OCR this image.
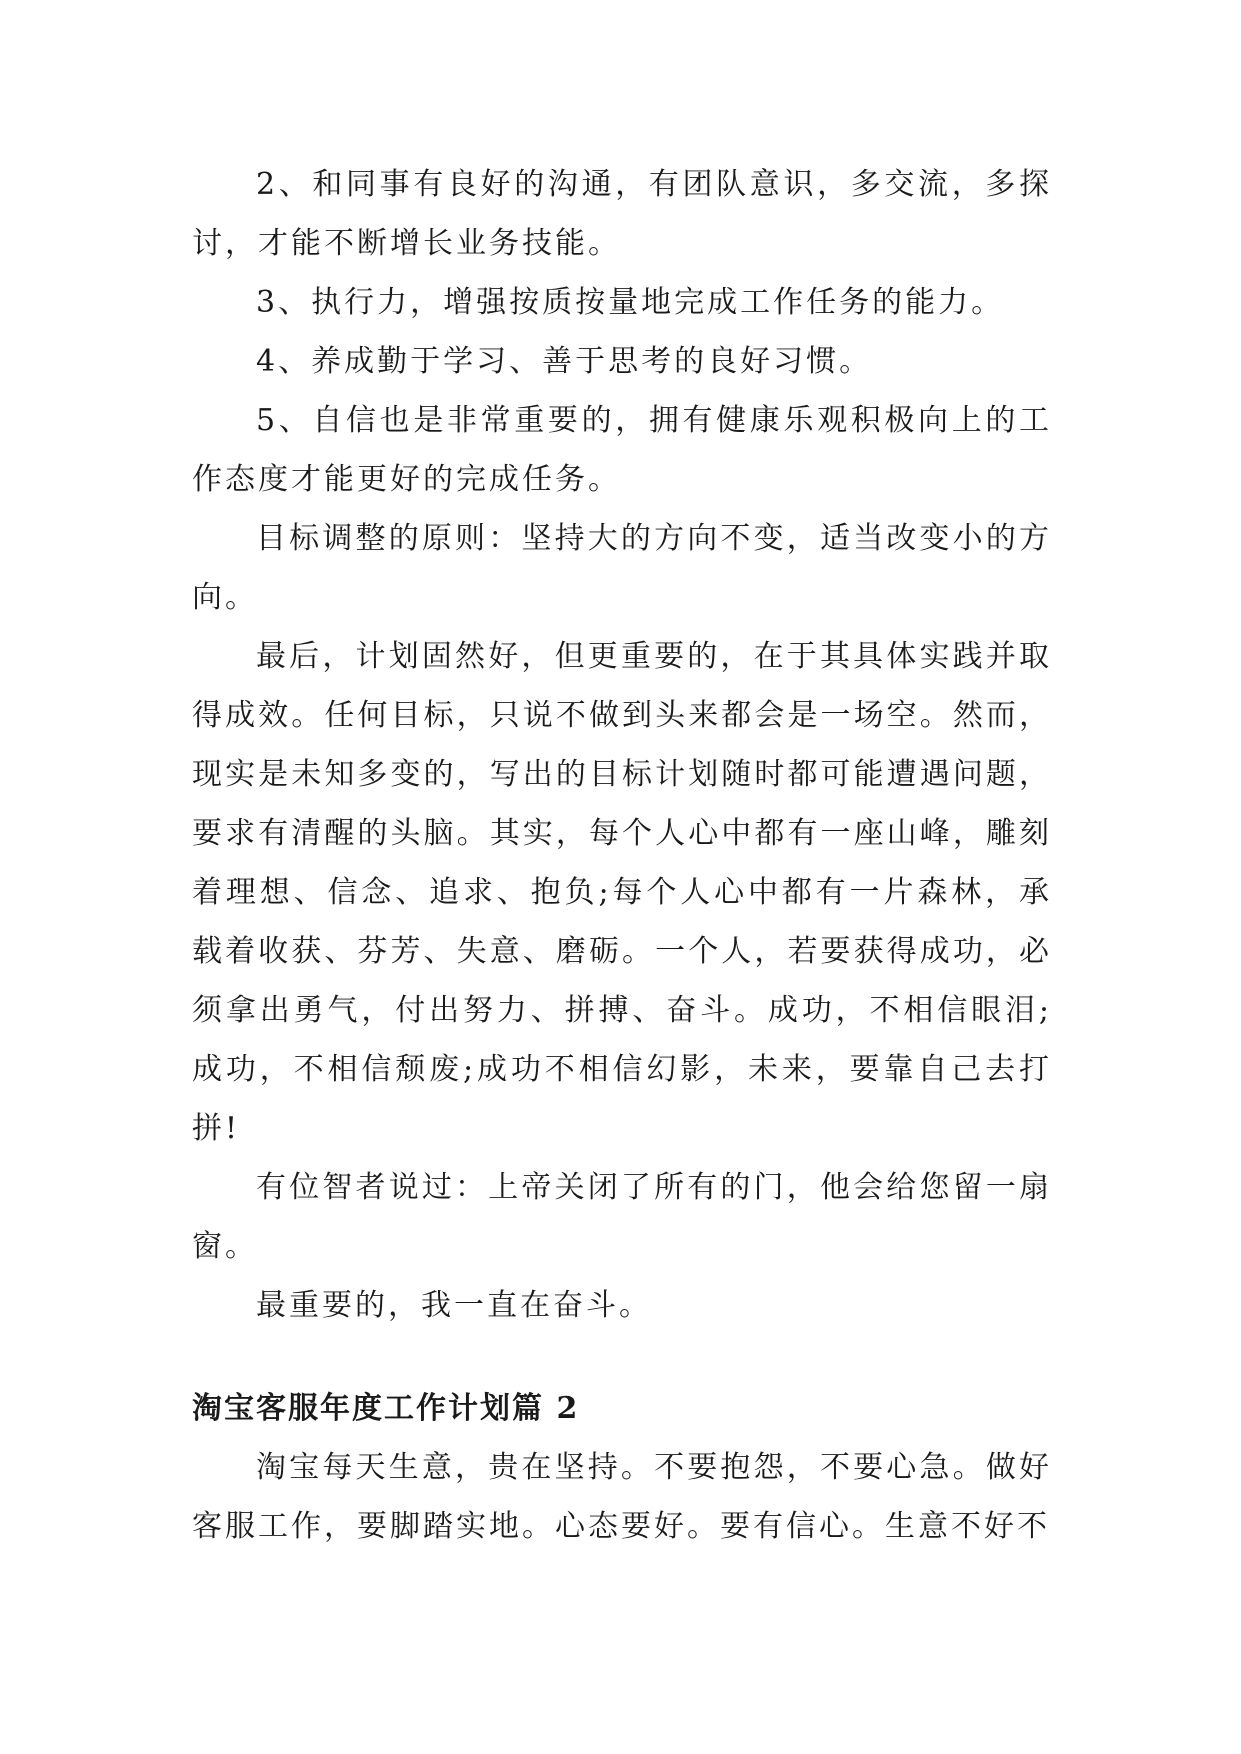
2、和同事有良好的沟通，有团队意识，多交流，多探讨，才能不断增长业务技能。

3、执行力，增强按质按量地完成工作任务的能力。

4、养成勤于学习、善于思考的良好习惯。

5、自信也是非常重要的，拥有健康乐观积极向上的工作态度才能更好的完成任务。

目标调整的原则：坚持大的方向不变，适当改变小的方向。

最后，计划固然好，但更重要的，在于其具体实践并取得成效。任何目标，只说不做到头来都会是一场空。然而，现实是未知多变的，写出的目标计划随时都可能遭遇问题，要求有清醒的头脑。其实，每个人心中都有一座山峰，雕刻着理想、信念、追求、抱负;每个人心中都有一片森林，承载着收获、芬芳、失意、磨砺。一个人，若要获得成功，必须拿出勇气，付出努力、拼搏、奋斗。成功，不相信眼泪;成功，不相信颓废;成功不相信幻影，未来，要靠自己去打拼!

有位智者说过：上帝关闭了所有的门，他会给您留一扇窗。

最重要的，我一直在奋斗。

淘宝客服年度工作计划篇 2

淘宝每天生意，贵在坚持。不要抱怨，不要心急。做好客服工作，要脚踏实地。心态要好。要有信心。生意不好不
